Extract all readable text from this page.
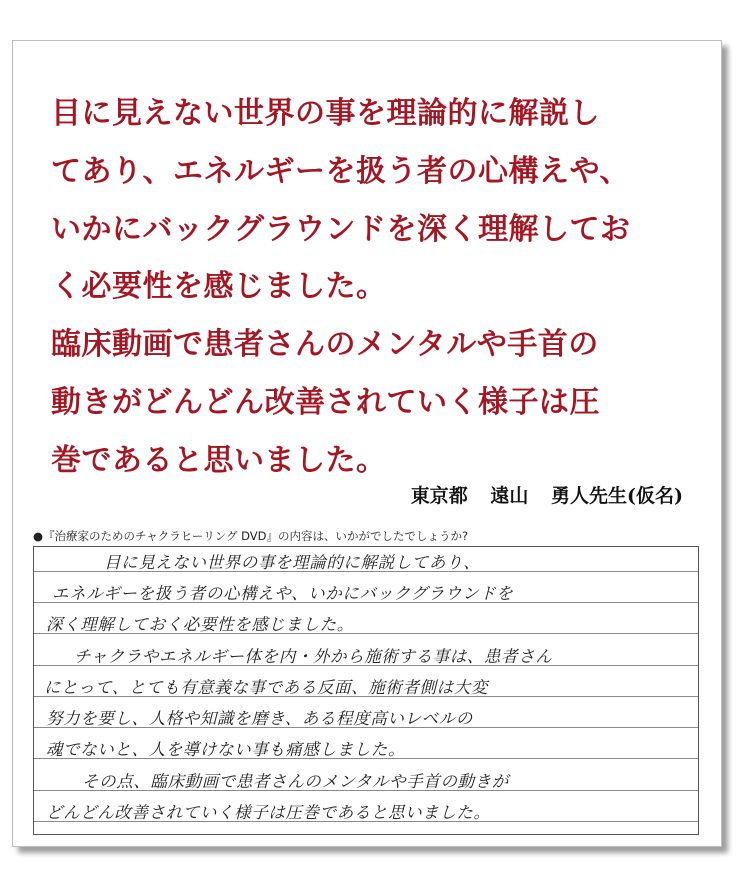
目に見えない世界の事を理論的に解説し
てあり、エネルギーを扱う者の心構えや、
いかにバックグラウンドを深く理解してお
く必要性を感じました。
臨床動画で患者さんのメンタルや手首の
動きがどんどん改善されていく様子は圧
巻であると思いました。
東京都 遠山 勇人先生(仮名)
●『治療家のためのチャクラヒーリング DVD』の内容は、いかがでしたでしょうか?
目に見えない世界の事を理論的に解説してあり、
エネルギーを扱う者の心構えや、いかにバックグラウンドを
深く理解しておく必要性を感じました。
チャクラやエネルギー体を内・外から施術する事は、患者さん
にとって、とても有意義な事である反面、施術者側は大変
努力を要し、人格や知識を磨き、ある程度高いレベルの
魂でないと、人を導けない事も痛感しました。
その点、臨床動画で患者さんのメンタルや手首の動きが
どんどん改善されていく様子は圧巻であると思いました。
